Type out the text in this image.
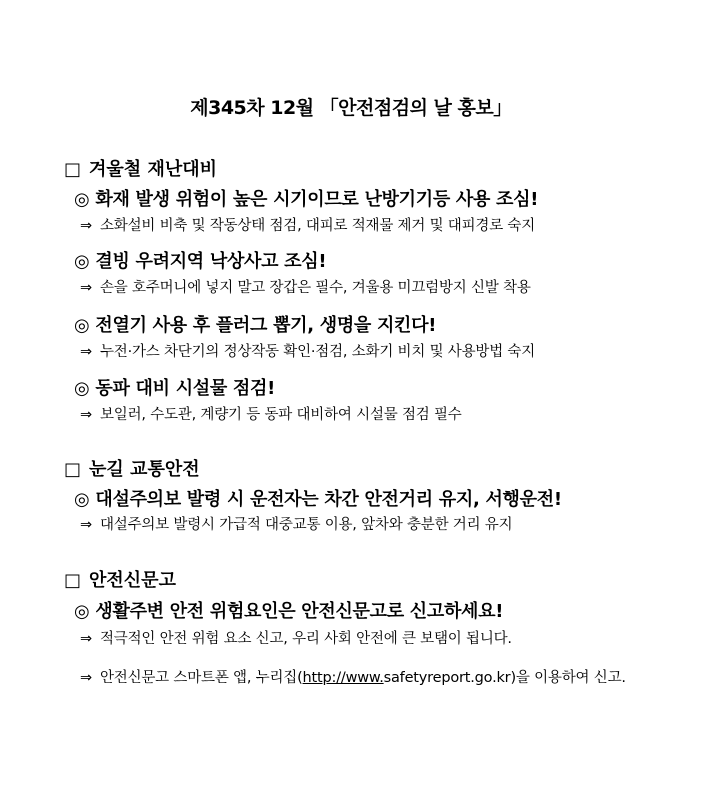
제345차 12월 「안전점검의 날 홍보」
□ 겨울철 재난대비
◎ 화재 발생 위험이 높은 시기이므로 난방기기등 사용 조심!
⇒ 소화설비 비축 및 작동상태 점검, 대피로 적재물 제거 및 대피경로 숙지
◎ 결빙 우려지역 낙상사고 조심!
⇒ 손을 호주머니에 넣지 말고 장갑은 필수, 겨울용 미끄럼방지 신발 착용
◎ 전열기 사용 후 플러그 뽑기, 생명을 지킨다!
⇒ 누전·가스 차단기의 정상작동 확인·점검, 소화기 비치 및 사용방법 숙지
◎ 동파 대비 시설물 점검!
⇒ 보일러, 수도관, 계량기 등 동파 대비하여 시설물 점검 필수
□ 눈길 교통안전
◎ 대설주의보 발령 시 운전자는 차간 안전거리 유지, 서행운전!
⇒ 대설주의보 발령시 가급적 대중교통 이용, 앞차와 충분한 거리 유지
□ 안전신문고
◎ 생활주변 안전 위험요인은 안전신문고로 신고하세요!
⇒ 적극적인 안전 위험 요소 신고, 우리 사회 안전에 큰 보탬이 됩니다.
⇒ 안전신문고 스마트폰 앱, 누리집(http://www.safetyreport.go.kr)을 이용하여 신고.
